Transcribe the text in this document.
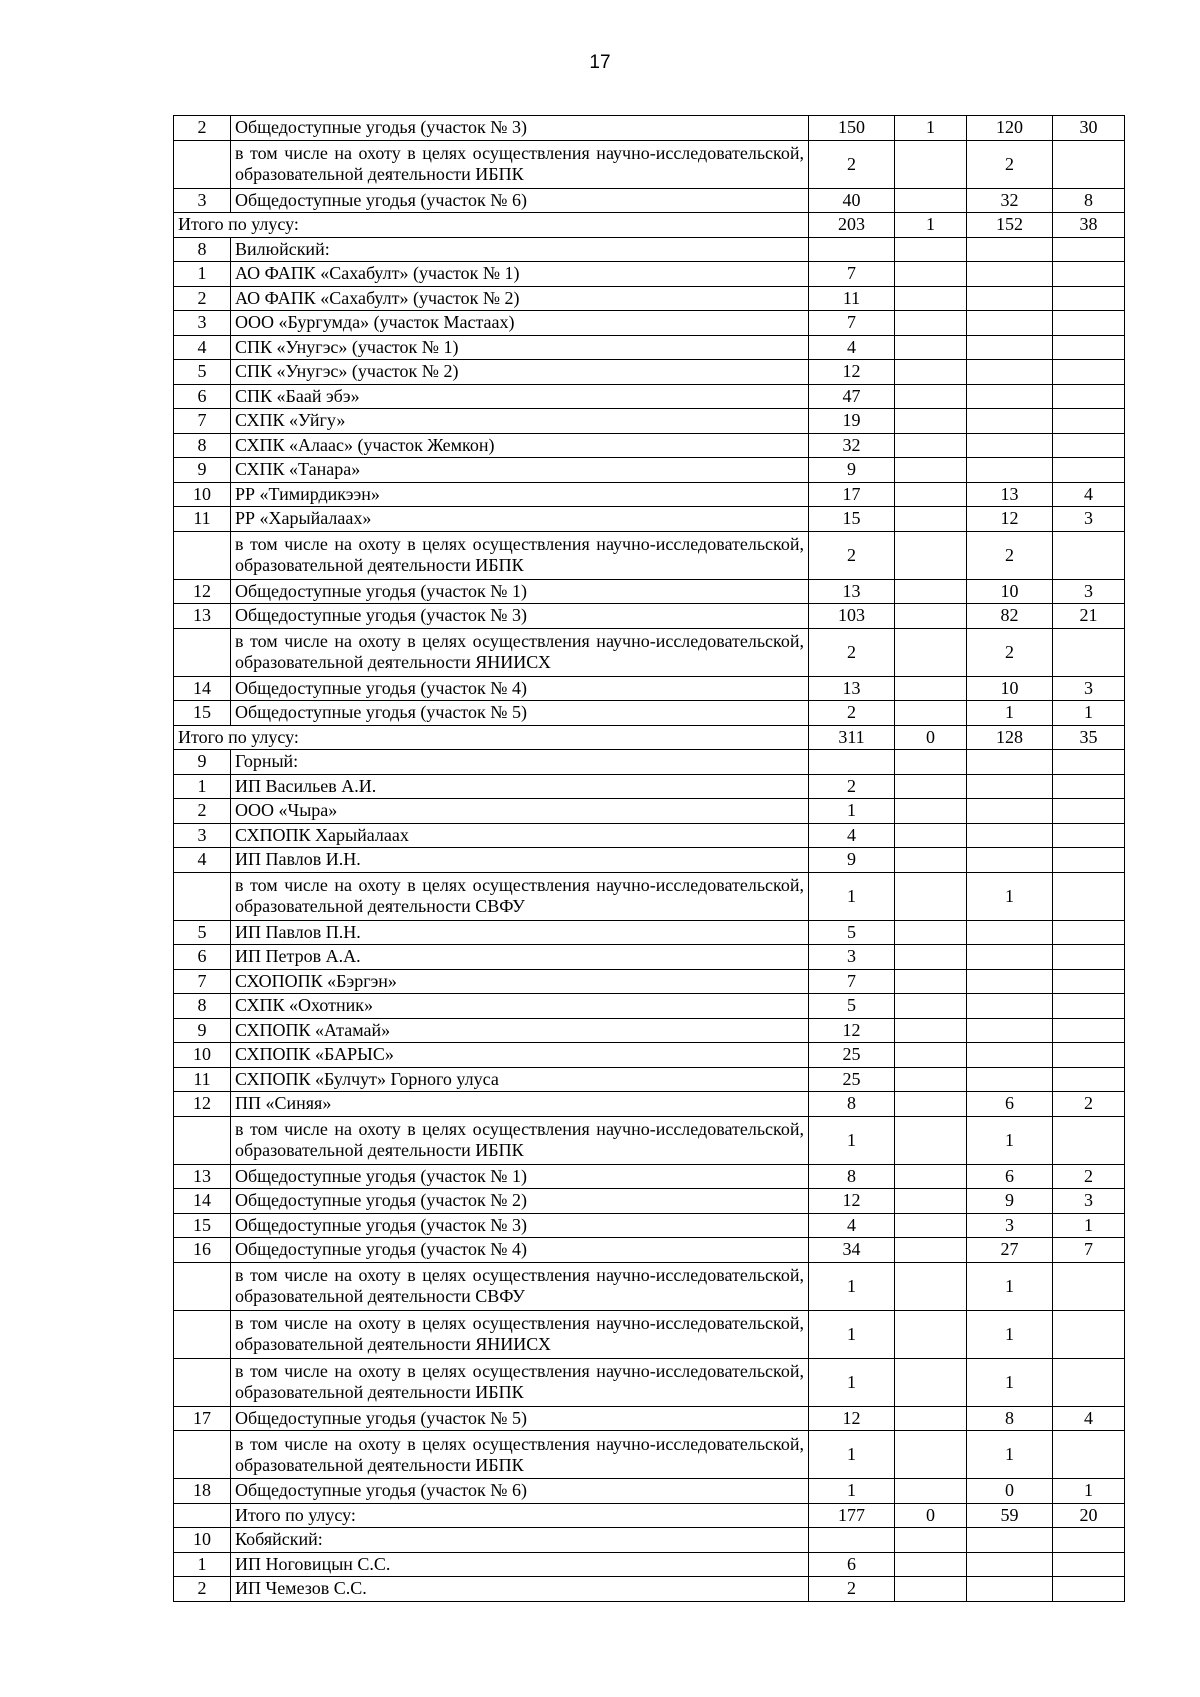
17
2	Общедоступные угодья (участок № 3)	150	1	120	30
	в том числе на охоту в целях осуществления научно-исследовательской, образовательной деятельности ИБПК	2		2	
3	Общедоступные угодья (участок № 6)	40		32	8
Итого по улусу:		203	1	152	38
8	Вилюйский:				
1	АО ФАПК «Сахабулт» (участок № 1)	7			
2	АО ФАПК «Сахабулт» (участок № 2)	11			
3	ООО «Бургумда» (участок Мастаах)	7			
4	СПК «Унугэс» (участок № 1)	4			
5	СПК «Унугэс» (участок № 2)	12			
6	СПК «Баай эбэ»	47			
7	СХПК «Уйгу»	19			
8	СХПК «Алаас» (участок Жемкон)	32			
9	СХПК «Танара»	9			
10	РР «Тимирдикээн»	17		13	4
11	РР «Харыйалаах»	15		12	3
	в том числе на охоту в целях осуществления научно-исследовательской, образовательной деятельности ИБПК	2		2	
12	Общедоступные угодья (участок № 1)	13		10	3
13	Общедоступные угодья (участок № 3)	103		82	21
	в том числе на охоту в целях осуществления научно-исследовательской, образовательной деятельности ЯНИИСХ	2		2	
14	Общедоступные угодья (участок № 4)	13		10	3
15	Общедоступные угодья (участок № 5)	2		1	1
Итого по улусу:		311	0	128	35
9	Горный:				
1	ИП Васильев А.И.	2			
2	ООО «Чыра»	1			
3	СХПОПК Харыйалаах	4			
4	ИП Павлов И.Н.	9			
	в том числе на охоту в целях осуществления научно-исследовательской, образовательной деятельности СВФУ	1		1	
5	ИП Павлов П.Н.	5			
6	ИП Петров А.А.	3			
7	СХОПОПК «Бэргэн»	7			
8	СХПК «Охотник»	5			
9	СХПОПК «Атамай»	12			
10	СХПОПК «БАРЫС»	25			
11	СХПОПК «Булчут» Горного улуса	25			
12	ПП «Синяя»	8		6	2
	в том числе на охоту в целях осуществления научно-исследовательской, образовательной деятельности ИБПК	1		1	
13	Общедоступные угодья (участок № 1)	8		6	2
14	Общедоступные угодья (участок № 2)	12		9	3
15	Общедоступные угодья (участок № 3)	4		3	1
16	Общедоступные угодья (участок № 4)	34		27	7
	в том числе на охоту в целях осуществления научно-исследовательской, образовательной деятельности СВФУ	1		1	
	в том числе на охоту в целях осуществления научно-исследовательской, образовательной деятельности ЯНИИСХ	1		1	
	в том числе на охоту в целях осуществления научно-исследовательской, образовательной деятельности ИБПК	1		1	
17	Общедоступные угодья (участок № 5)	12		8	4
	в том числе на охоту в целях осуществления научно-исследовательской, образовательной деятельности ИБПК	1		1	
18	Общедоступные угодья (участок № 6)	1		0	1
	Итого по улусу:	177	0	59	20
10	Кобяйский:				
1	ИП Ноговицын С.С.	6			
2	ИП Чемезов С.С.	2			
